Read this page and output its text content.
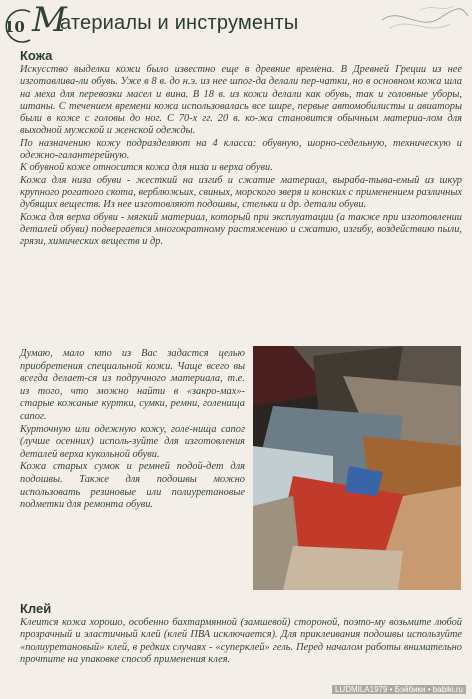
10 М
атериалы и инструменты
Кожа

Искусство выделки кожи было известно еще в древние времена. В Древней Греции из нее изготавлива-ли обувь. Уже в 8 в. до н.э. из нее шпог-да делали пер-чатки, но в основном кожа шла на меха для перевозки масел и вина. В 18 в. из кожи делали как обувь, так и головные уборы, штаны. С течением времени кожа использовалась все шире, первые автомобилисты и авиаторы были в коже с головы до ног. С 70-х гг. 20 в. ко-жа становится обычным материа-лом для выходной мужской и женской одежды.

По назначению кожу подразделяют на 4 класса: обувную, шорно-седельную, техническую и одежно-галантерейную.

К обувной коже относится кожа для низа и верха обуви.

Кожа для низа обуви - жесткий на изгиб и сжатие материал, выраба-тыва-емый из шкур крупного рогатого скота, верблюжьих, свиных, морского зверя и конских с применением различных дубящих веществ. Из нее изготовляют подошвы, стельки и др. детали обуви.

Кожа для верха обуви - мягкий материал, который при эксплуатации (а также при изготовлении деталей обуви) подвергается многократному растяжению и сжатию, изгибу, воздействию пыли, грязи, химических веществ и др.

Думаю, мало кто из Вас задастся целью приобретения специальной кожи. Чаще всего вы всегда делает-ся из подручного материала, т.е. из того, что можно найти в «закро-мах»- старые кожаные куртки, сумки, ремни, голенища сапог.

Курточную или одежную кожу, голе-нища сапог (лучше осенних) исполь-зуйте для изготовления деталей верха кукольной обуви.

Кожа старых сумок и ремней подой-дет для подошвы. Также для подошвы можно использовать резиновые или полиуретановые подметки для ремонта обуви.

Клей

Клеится кожа хорошо, особенно бахтармянной (замшевой) стороной, поэто-му возьмите любой прозрачный и эластичный клей (клей ПВА исключается). Для приклеивания подошвы используйте «полиуретановый» клей, в редких случаях - «суперклей» гель. Перед началом работы внимательно прочтите на упаковке способ применения клея.

LUDMILA1979 • Бэйбики • babiki.ru
